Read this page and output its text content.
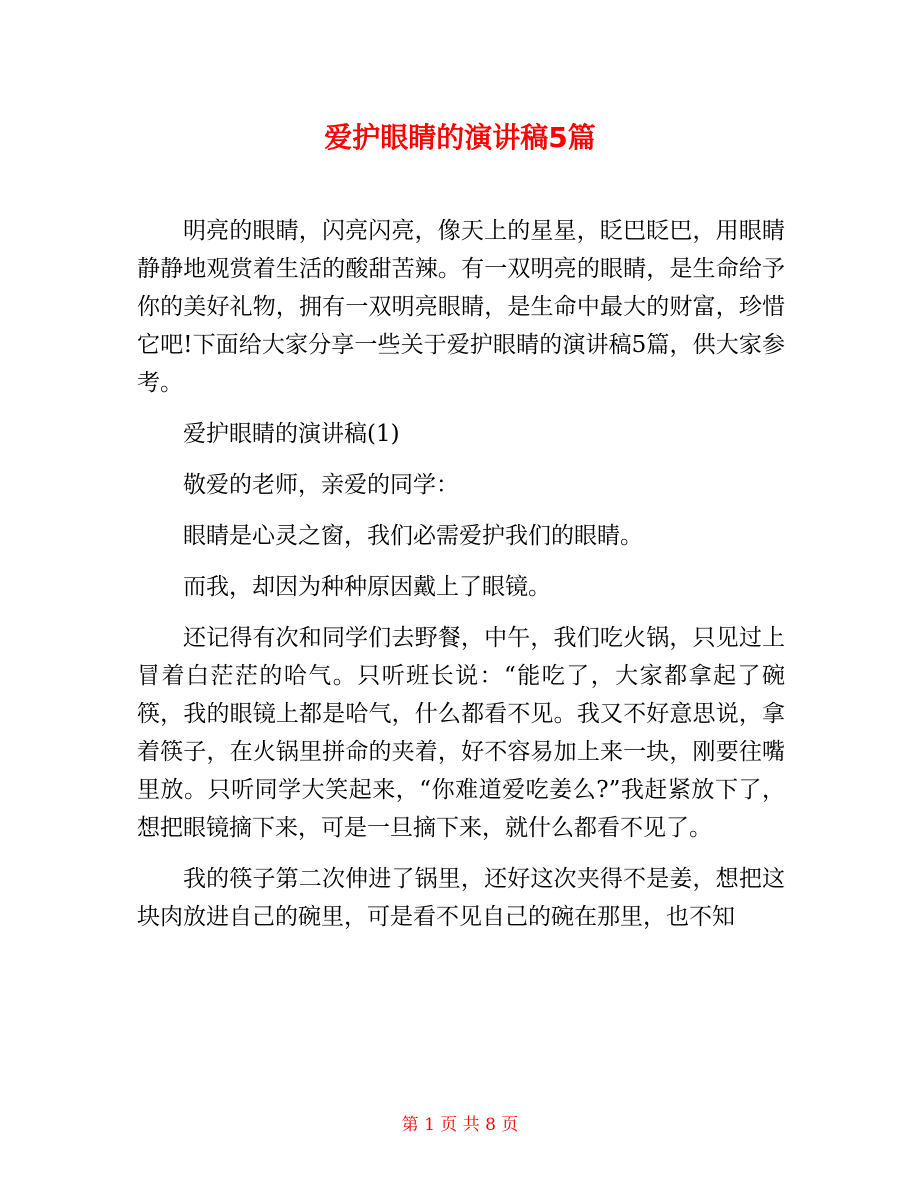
爱护眼睛的演讲稿5篇

明亮的眼睛，闪亮闪亮，像天上的星星，眨巴眨巴，用眼睛静静地观赏着生活的酸甜苦辣。有一双明亮的眼睛，是生命给予你的美好礼物，拥有一双明亮眼睛，是生命中最大的财富，珍惜它吧!下面给大家分享一些关于爱护眼睛的演讲稿5篇，供大家参考。

爱护眼睛的演讲稿(1)

敬爱的老师，亲爱的同学：

眼睛是心灵之窗，我们必需爱护我们的眼睛。

而我，却因为种种原因戴上了眼镜。

还记得有次和同学们去野餐，中午，我们吃火锅，只见过上冒着白茫茫的哈气。只听班长说：“能吃了，大家都拿起了碗筷，我的眼镜上都是哈气，什么都看不见。我又不好意思说，拿着筷子，在火锅里拼命的夹着，好不容易加上来一块，刚要往嘴里放。只听同学大笑起来，“你难道爱吃姜么?”我赶紧放下了，想把眼镜摘下来，可是一旦摘下来，就什么都看不见了。

我的筷子第二次伸进了锅里，还好这次夹得不是姜，想把这块肉放进自己的碗里，可是看不见自己的碗在那里，也不知

第 1 页 共 8 页
